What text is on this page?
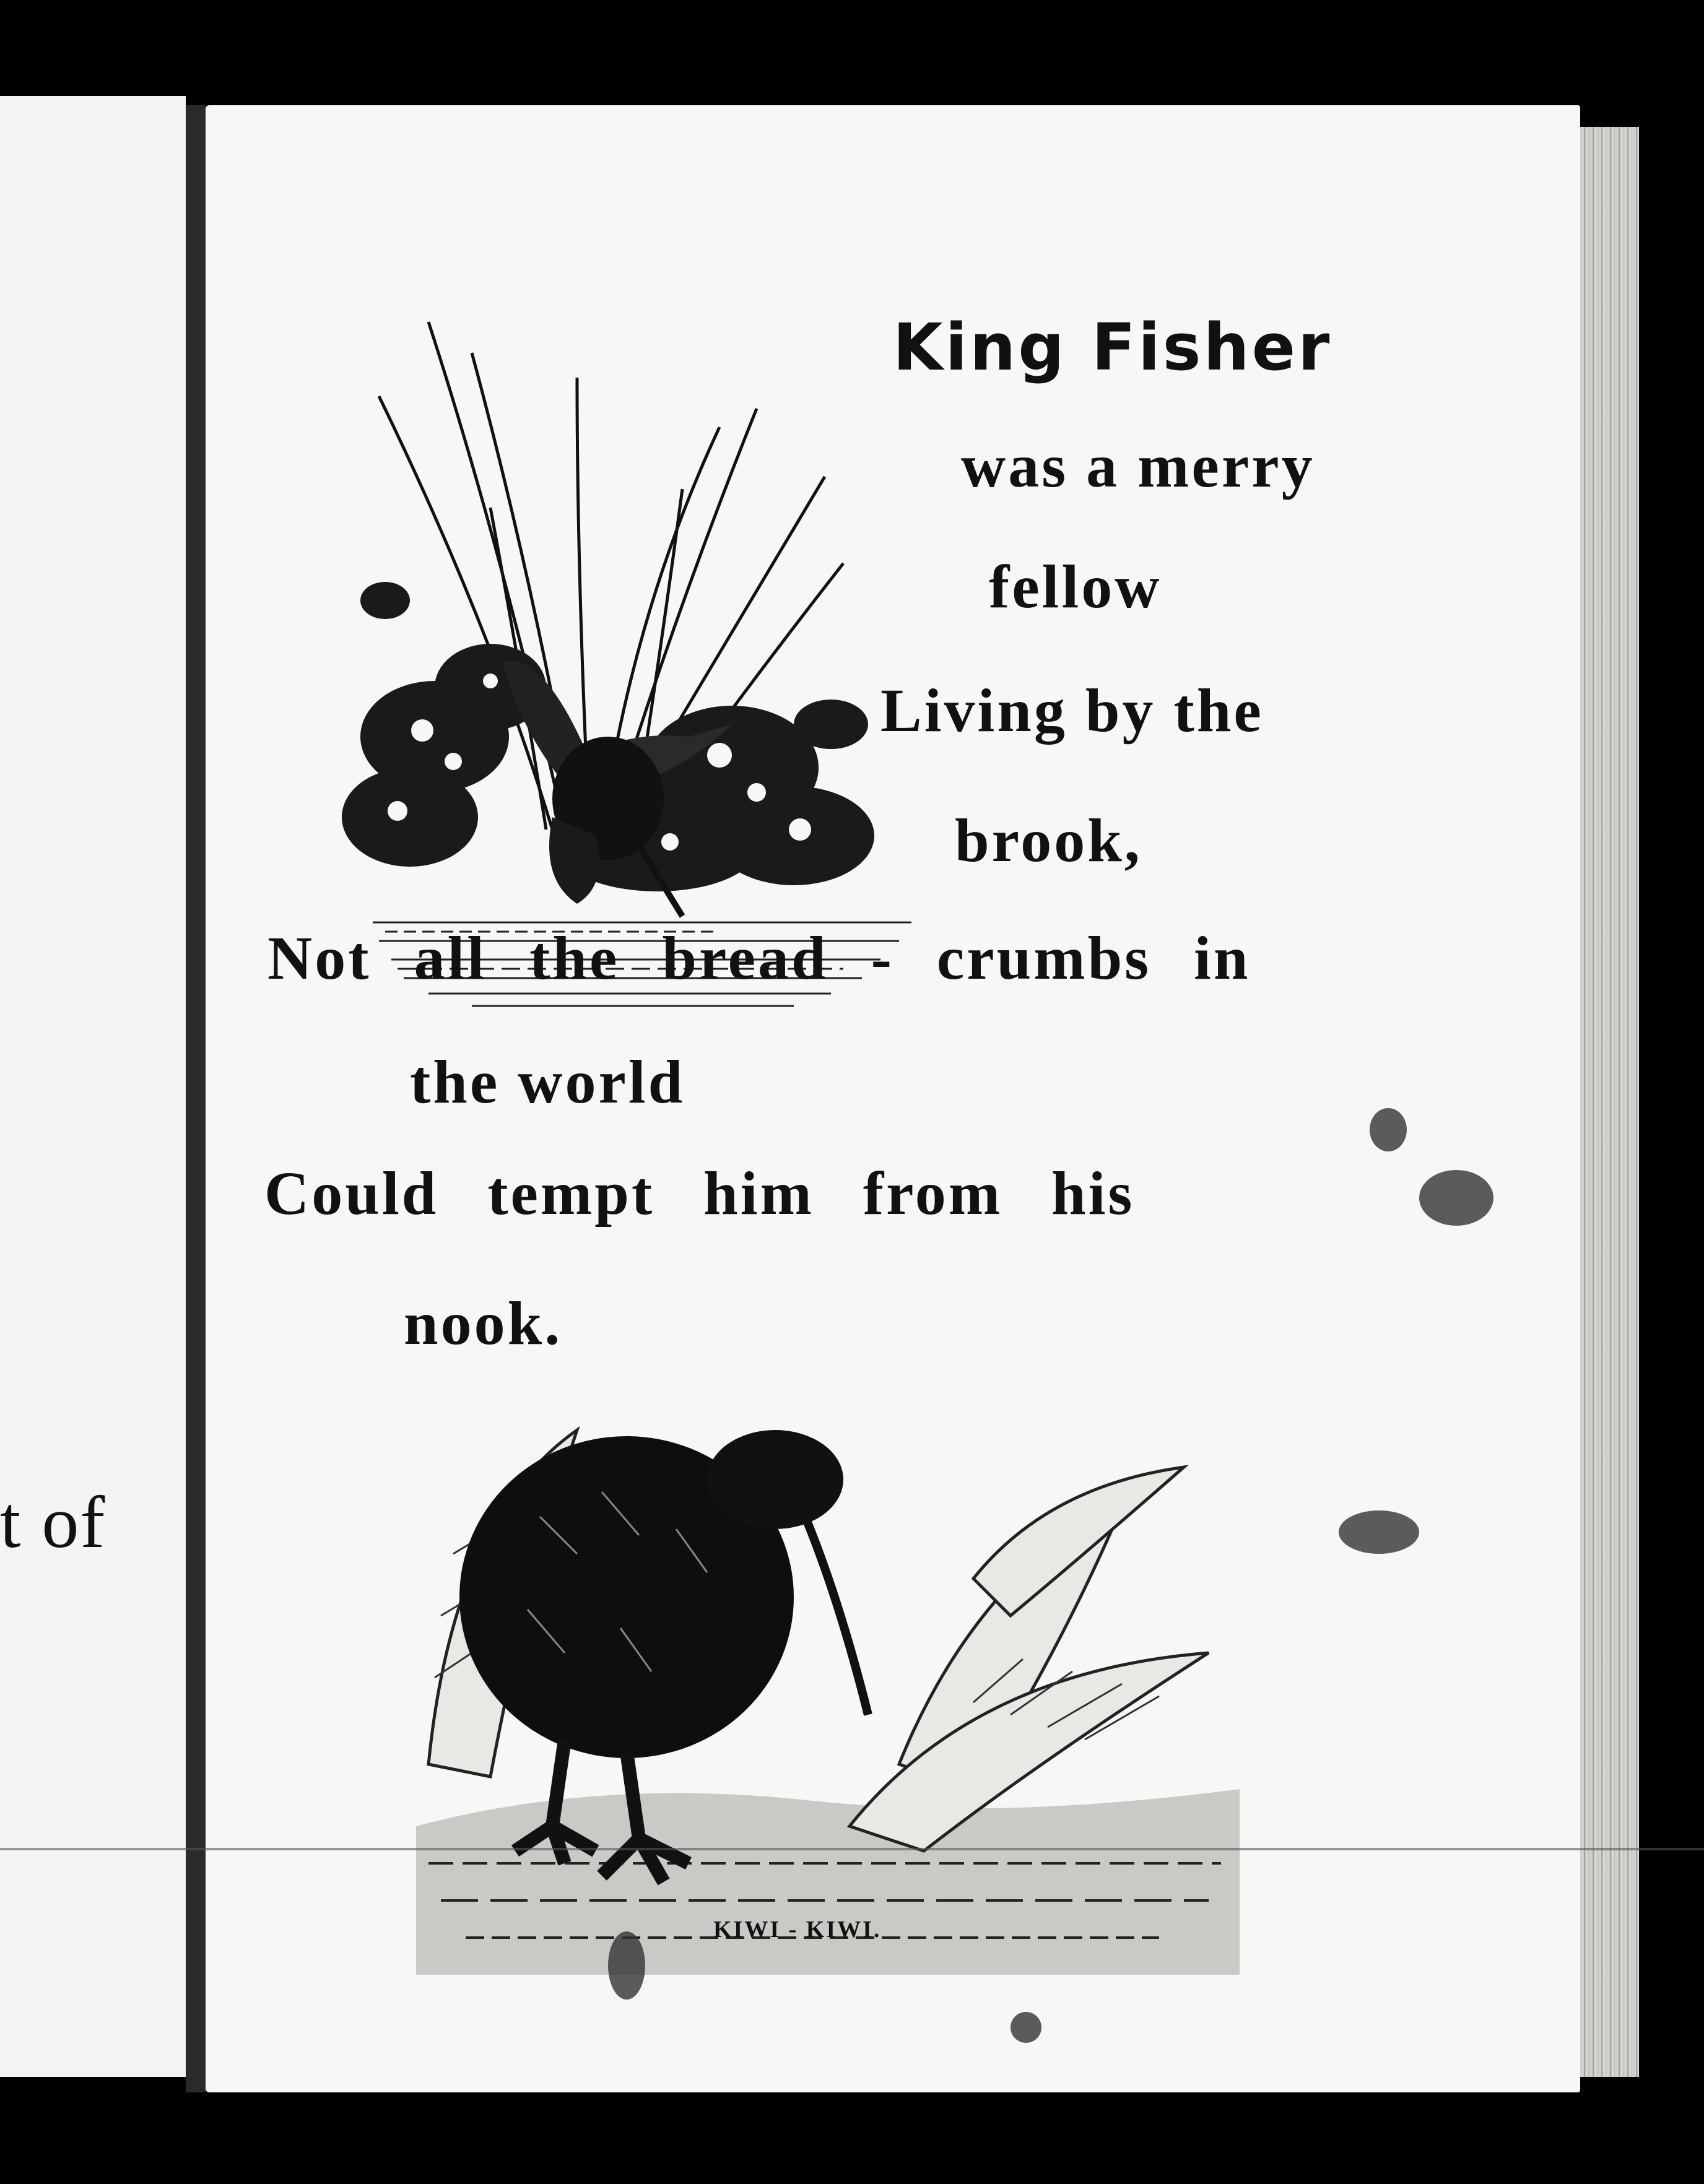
t of
King Fisher
was a merry
fellow
Living by the
brook,
Not all the bread - crumbs in
the world
Could tempt him from his
nook.
KIWI - KIWI.
